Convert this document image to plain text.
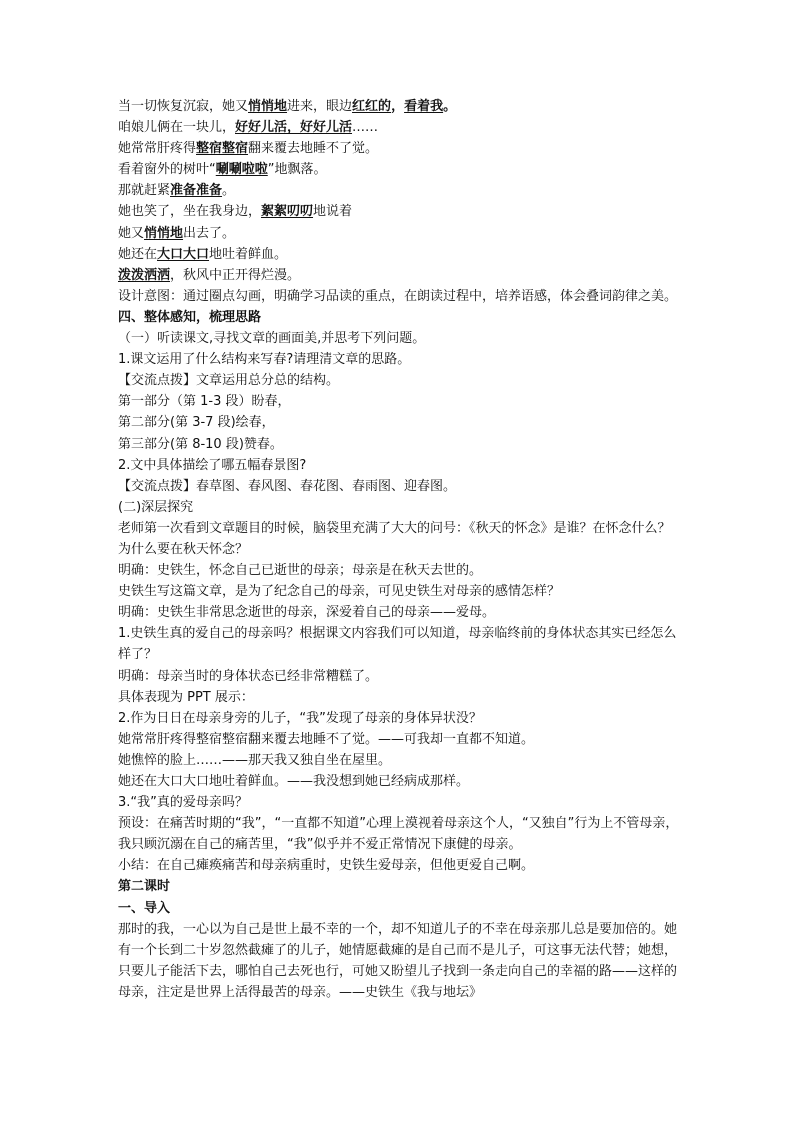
当一切恢复沉寂，她又悄悄地进来，眼边红红的，看着我。
咱娘儿俩在一块儿，好好儿活，好好儿活……
她常常肝疼得整宿整宿翻来覆去地睡不了觉。
看着窗外的树叶“唰唰啦啦”地飘落。
那就赶紧准备准备。
她也笑了，坐在我身边，絮絮叨叨地说着
她又悄悄地出去了。
她还在大口大口地吐着鲜血。
泼泼洒洒，秋风中正开得烂漫。
设计意图：通过圈点勾画，明确学习品读的重点，在朗读过程中，培养语感，体会叠词韵律之美。
四、整体感知，梳理思路
（一）听读课文,寻找文章的画面美,并思考下列问题。
1.课文运用了什么结构来写春?请理清文章的思路。
【交流点拨】文章运用总分总的结构。
第一部分（第 1-3 段）盼春，
第二部分(第 3-7 段)绘春，
第三部分(第 8-10 段)赞春。
2.文中具体描绘了哪五幅春景图?
【交流点拨】春草图、春风图、春花图、春雨图、迎春图。
(二)深层探究
老师第一次看到文章题目的时候，脑袋里充满了大大的问号：《秋天的怀念》是谁？在怀念什么？为什么要在秋天怀念？
明确：史铁生，怀念自己已逝世的母亲；母亲是在秋天去世的。
史铁生写这篇文章，是为了纪念自己的母亲，可见史铁生对母亲的感情怎样？
明确：史铁生非常思念逝世的母亲，深爱着自己的母亲——爱母。
1.史铁生真的爱自己的母亲吗？根据课文内容我们可以知道，母亲临终前的身体状态其实已经怎么样了？
明确：母亲当时的身体状态已经非常糟糕了。
具体表现为 PPT 展示：
2.作为日日在母亲身旁的儿子，“我”发现了母亲的身体异状没？
她常常肝疼得整宿整宿翻来覆去地睡不了觉。——可我却一直都不知道。
她憔悴的脸上……——那天我又独自坐在屋里。
她还在大口大口地吐着鲜血。——我没想到她已经病成那样。
3.“我”真的爱母亲吗？
预设：在痛苦时期的“我”，“一直都不知道”心理上漠视着母亲这个人，“又独自”行为上不管母亲，我只顾沉溺在自己的痛苦里，“我”似乎并不爱正常情况下康健的母亲。
小结：在自己瘫痪痛苦和母亲病重时，史铁生爱母亲，但他更爱自己啊。
第二课时
一、导入
那时的我，一心以为自己是世上最不幸的一个，却不知道儿子的不幸在母亲那儿总是要加倍的。她有一个长到二十岁忽然截瘫了的儿子，她情愿截瘫的是自己而不是儿子，可这事无法代替；她想，只要儿子能活下去，哪怕自己去死也行，可她又盼望儿子找到一条走向自己的幸福的路——这样的母亲，注定是世界上活得最苦的母亲。——史铁生《我与地坛》
